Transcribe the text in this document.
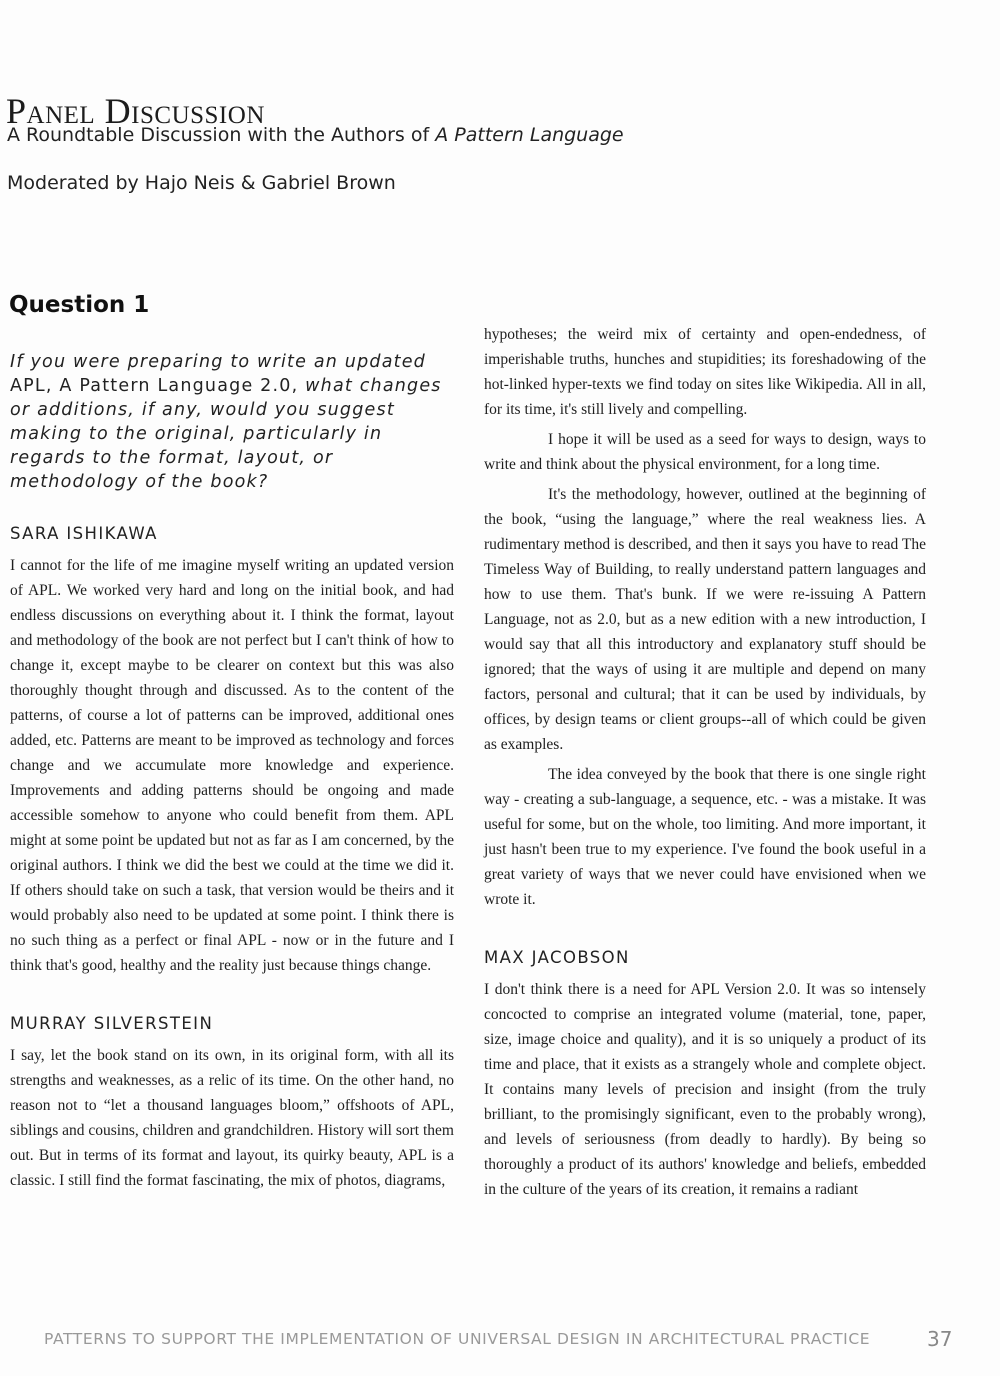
Panel Discussion

A Roundtable Discussion with the Authors of A Pattern Language

Moderated by Hajo Neis & Gabriel Brown

Question 1

If you were preparing to write an updated APL, A Pattern Language 2.0, what changes or additions, if any, would you suggest making to the original, particularly in regards to the format, layout, or methodology of the book?

SARA ISHIKAWA

I cannot for the life of me imagine myself writing an updated version of APL. We worked very hard and long on the initial book, and had endless discussions on everything about it. I think the format, layout and methodology of the book are not perfect but I can't think of how to change it, except maybe to be clearer on context but this was also thoroughly thought through and discussed. As to the content of the patterns, of course a lot of patterns can be improved, additional ones added, etc. Patterns are meant to be improved as technology and forces change and we accumulate more knowledge and experience. Improvements and adding patterns should be ongoing and made accessible somehow to anyone who could benefit from them. APL might at some point be updated but not as far as I am concerned, by the original authors. I think we did the best we could at the time we did it. If others should take on such a task, that version would be theirs and it would probably also need to be updated at some point. I think there is no such thing as a perfect or final APL - now or in the future and I think that's good, healthy and the reality just because things change.

MURRAY SILVERSTEIN

I say, let the book stand on its own, in its original form, with all its strengths and weaknesses, as a relic of its time. On the other hand, no reason not to “let a thousand languages bloom,” offshoots of APL, siblings and cousins, children and grandchildren. History will sort them out. But in terms of its format and layout, its quirky beauty, APL is a classic. I still find the format fascinating, the mix of photos, diagrams,

hypotheses; the weird mix of certainty and open-endedness, of imperishable truths, hunches and stupidities; its foreshadowing of the hot-linked hyper-texts we find today on sites like Wikipedia. All in all, for its time, it's still lively and compelling.

I hope it will be used as a seed for ways to design, ways to write and think about the physical environment, for a long time.

It's the methodology, however, outlined at the beginning of the book, “using the language,” where the real weakness lies. A rudimentary method is described, and then it says you have to read The Timeless Way of Building, to really understand pattern languages and how to use them. That's bunk. If we were re-issuing A Pattern Language, not as 2.0, but as a new edition with a new introduction, I would say that all this introductory and explanatory stuff should be ignored; that the ways of using it are multiple and depend on many factors, personal and cultural; that it can be used by individuals, by offices, by design teams or client groups--all of which could be given as examples.

The idea conveyed by the book that there is one single right way - creating a sub-language, a sequence, etc. - was a mistake. It was useful for some, but on the whole, too limiting. And more important, it just hasn't been true to my experience. I've found the book useful in a great variety of ways that we never could have envisioned when we wrote it.

MAX JACOBSON

I don't think there is a need for APL Version 2.0. It was so intensely concocted to comprise an integrated volume (material, tone, paper, size, image choice and quality), and it is so uniquely a product of its time and place, that it exists as a strangely whole and complete object. It contains many levels of precision and insight (from the truly brilliant, to the promisingly significant, even to the probably wrong), and levels of seriousness (from deadly to hardly). By being so thoroughly a product of its authors' knowledge and beliefs, embedded in the culture of the years of its creation, it remains a radiant

PATTERNS TO SUPPORT THE IMPLEMENTATION OF UNIVERSAL DESIGN IN ARCHITECTURAL PRACTICE	37
